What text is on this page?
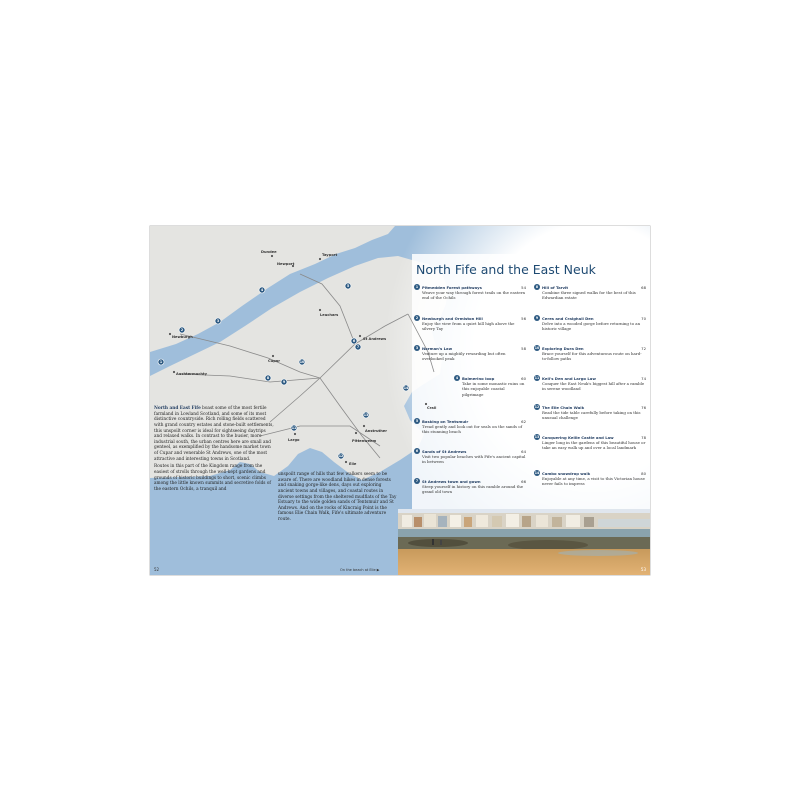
Dundee
Newport
Tayport
Newburgh
Leuchars
St Andrews
Cupar
Auchtermuchty
Crail
Anstruther
Pittenweem
Largo
Elie
1
2
3
4
5
6
7
8
9
10
11
12
13
14

North and East Fife boast some of the most fertile farmland in Lowland Scotland, and some of its most distinctive countryside. Rich rolling fields scattered with grand country estates and stone-built settlements, this unspoilt corner is ideal for sightseeing daytrips and relaxed walks. In contrast to the busier, more industrial south, the urban centres here are small and genteel, as exemplified by the handsome market town of Cupar and venerable St Andrews, one of the most attractive and interesting towns in Scotland.

Routes in this part of the Kingdom range from the easiest of strolls through the well-kept gardens and grounds of historic buildings to short, scenic climbs among the little known summits and secretive folds of the eastern Ochils, a tranquil and

unspoilt range of hills that few walkers seem to be aware of. There are woodland hikes in dense forests and snaking gorge-like dens, days out exploring ancient towns and villages, and coastal routes in diverse settings from the sheltered mudflats of the Tay Estuary to the wide golden sands of Tentsmuir and St Andrews. And on the rocks of Kincraig Point is the famous Elie Chain Walk, Fife's ultimate adventure route.

52	On the beach at Elie ▶
North Fife and the East Neuk
1	Pitmedden Forest pathways	54
Weave your way through forest trails on the eastern end of the Ochils
2	Newburgh and Ormiston Hill	56
Enjoy the view from a quiet hill high above the silvery Tay
3	Norman's Law	58
Venture up a mightily rewarding but often overlooked peak
4	Balmerino loop	60
Take in some monastic ruins on this enjoyable coastal pilgrimage
5	Basking on Tentsmuir	62
Tread gently and look out for seals on the sands of this stunning beach
6	Sands of St Andrews	64
Visit two popular beaches with Fife's ancient capital in between
7	St Andrews town and gown	66
Steep yourself in history on this ramble around the grand old town
8	Hill of Tarvit	68
Combine three signed walks for the best of this Edwardian estate
9	Ceres and Craighall Den	70
Delve into a wooded gorge before returning to an historic village
10 Exploring Dura Den	72
Brace yourself for this adventurous route on hard-to-follow paths
11 Keil's Den and Largo Law	74
Conquer the East Neuk's biggest hill after a ramble in serene woodland
12 The Elie Chain Walk	76
Read the tide table carefully before taking on this unusual challenge
13 Conquering Kellie Castle and Law	78
Linger long in the gardens of this beautiful house or take an easy walk up and over a local landmark
14 Cambo snowdrop walk	80
Enjoyable at any time, a visit to this Victorian house never fails to impress
53
